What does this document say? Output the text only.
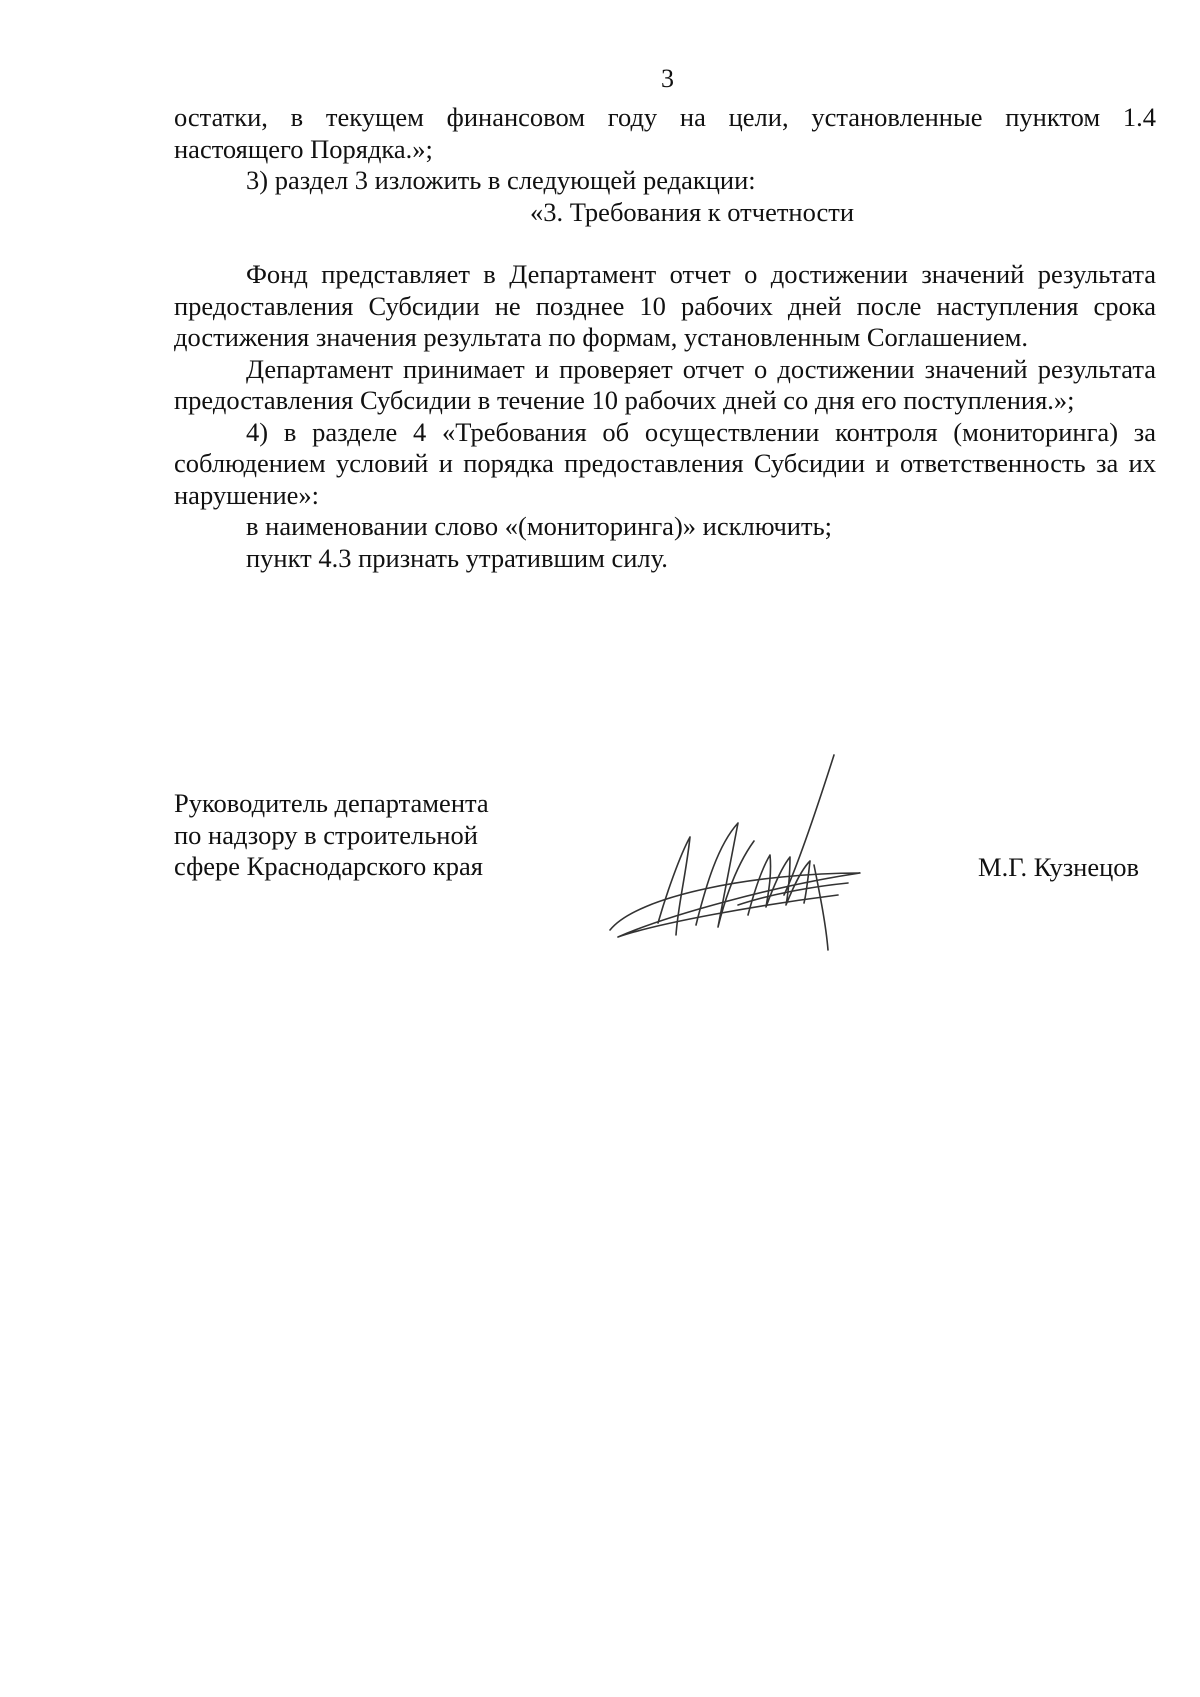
3

остатки, в текущем финансовом году на цели, установленные пунктом 1.4

настоящего Порядка.»;

3) раздел 3 изложить в следующей редакции:

«3. Требования к отчетности

Фонд представляет в Департамент отчет о достижении значений результата предоставления Субсидии не позднее 10 рабочих дней после наступления срока достижения значения результата по формам, установленным Соглашением.

Департамент принимает и проверяет отчет о достижении значений результата предоставления Субсидии в течение 10 рабочих дней со дня его поступления.»;

4) в разделе 4 «Требования об осуществлении контроля (мониторинга) за соблюдением условий и порядка предоставления Субсидии и ответственность за их нарушение»:

в наименовании слово «(мониторинга)» исключить;

пункт 4.3 признать утратившим силу.

Руководитель департамента
по надзору в строительной
сфере Краснодарского края	М.Г. Кузнецов
